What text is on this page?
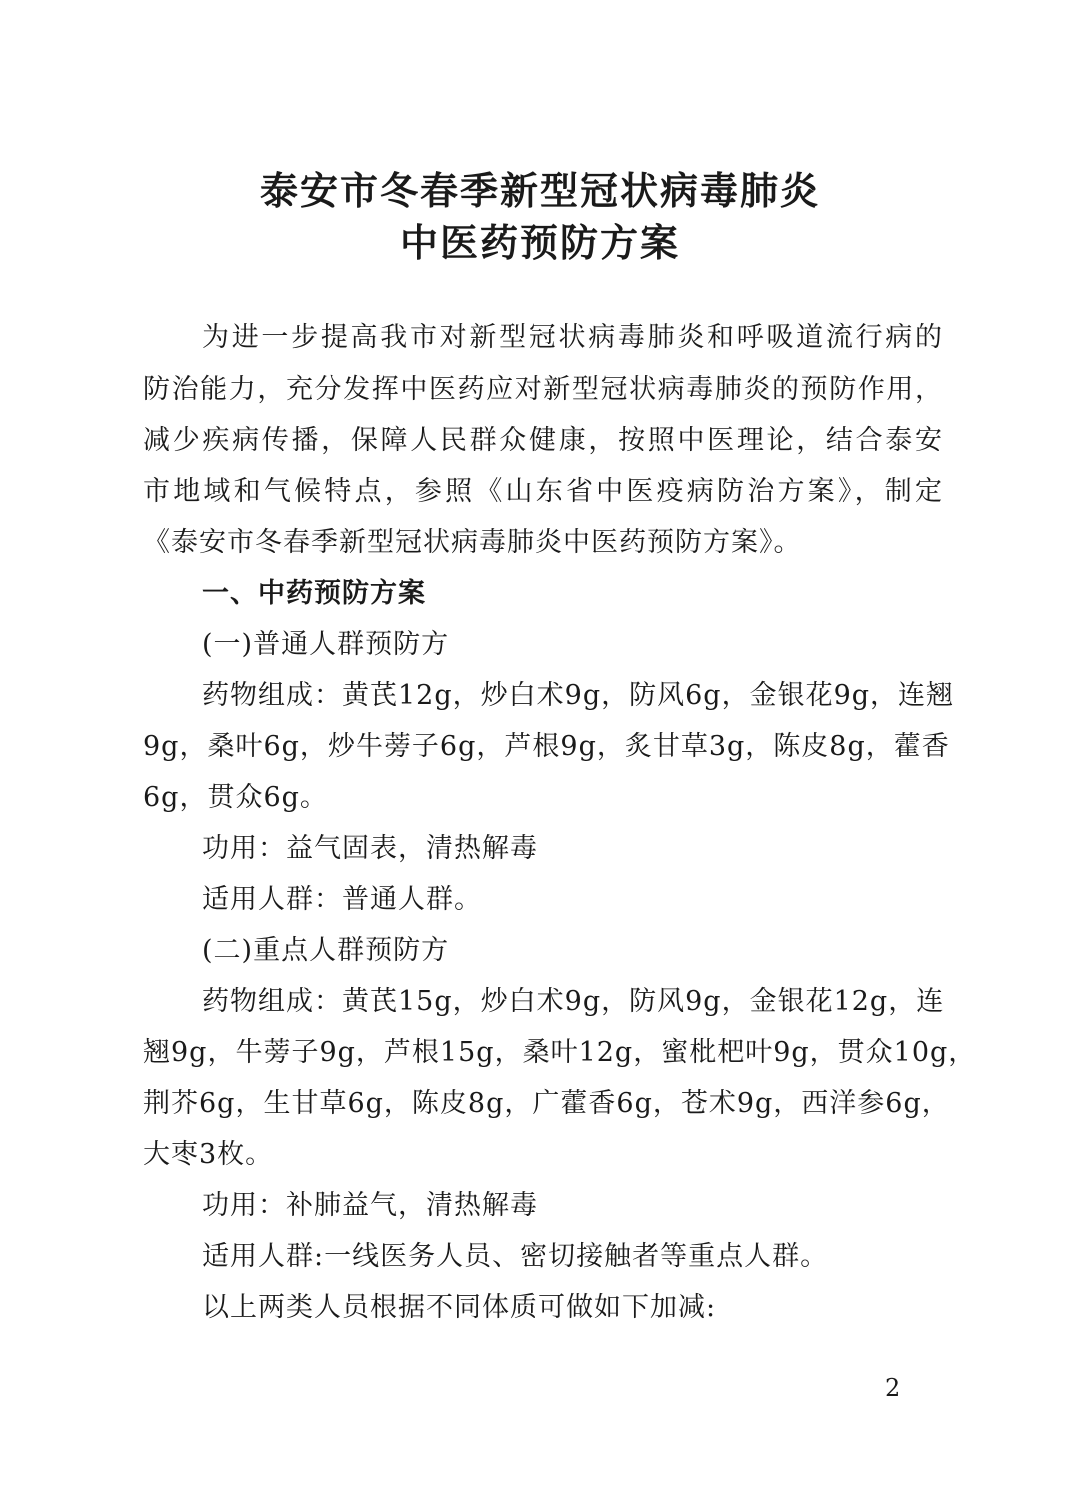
泰安市冬春季新型冠状病毒肺炎
中医药预防方案
为进一步提高我市对新型冠状病毒肺炎和呼吸道流行病的
防治能力，充分发挥中医药应对新型冠状病毒肺炎的预防作用，
减少疾病传播，保障人民群众健康，按照中医理论，结合泰安
市地域和气候特点，参照《山东省中医疫病防治方案》，制定
《泰安市冬春季新型冠状病毒肺炎中医药预防方案》。
一、中药预防方案
(一)普通人群预防方
药物组成：黄芪12g，炒白术9g，防风6g，金银花9g，连翘
9g，桑叶6g，炒牛蒡子6g，芦根9g，炙甘草3g，陈皮8g，藿香
6g，贯众6g。
功用：益气固表，清热解毒
适用人群：普通人群。
(二)重点人群预防方
药物组成：黄芪15g，炒白术9g，防风9g，金银花12g，连
翘9g，牛蒡子9g，芦根15g，桑叶12g，蜜枇杷叶9g，贯众10g，
荆芥6g，生甘草6g，陈皮8g，广藿香6g，苍术9g，西洋参6g，
大枣3枚。
功用：补肺益气，清热解毒
适用人群:一线医务人员、密切接触者等重点人群。
以上两类人员根据不同体质可做如下加减:
2
